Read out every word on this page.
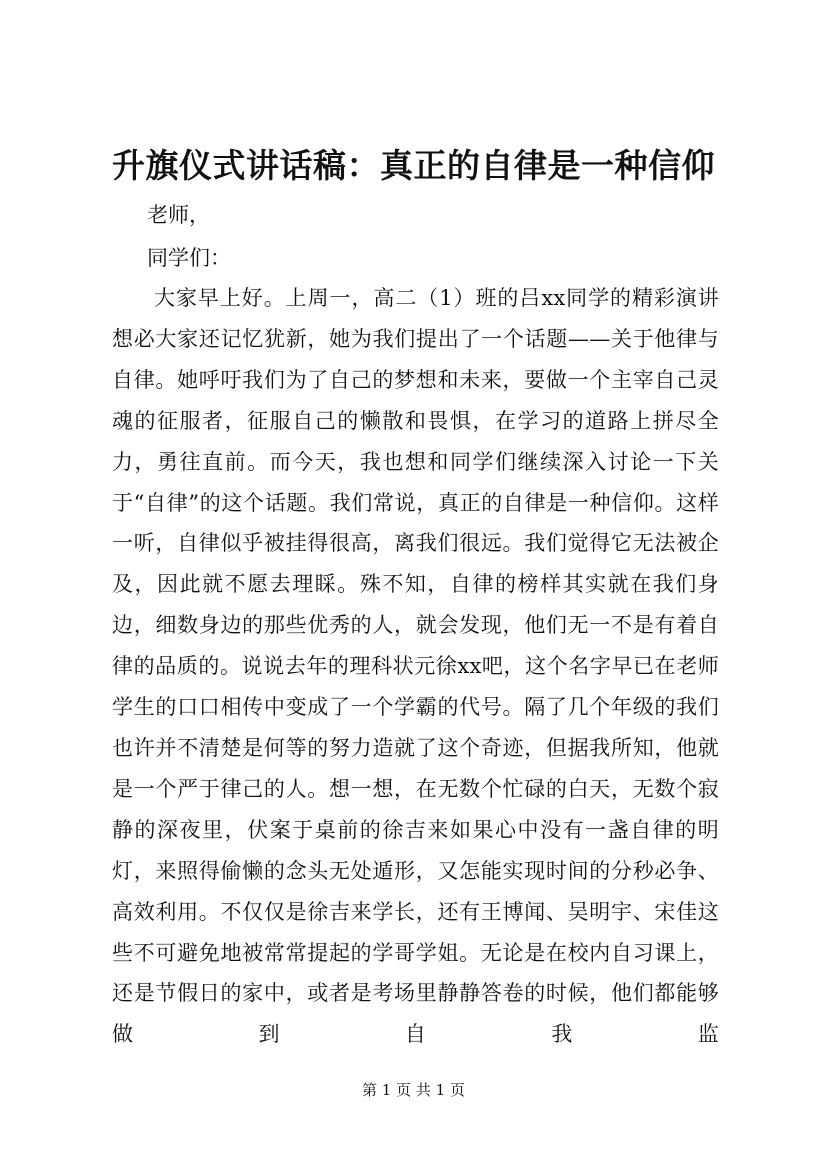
升旗仪式讲话稿：真正的自律是一种信仰
老师，
同学们：

大家早上好。上周一，高二（1）班的吕xx同学的精彩演讲想必大家还记忆犹新，她为我们提出了一个话题——关于他律与自律。她呼吁我们为了自己的梦想和未来，要做一个主宰自己灵魂的征服者，征服自己的懒散和畏惧，在学习的道路上拼尽全力，勇往直前。而今天，我也想和同学们继续深入讨论一下关于“自律”的这个话题。我们常说，真正的自律是一种信仰。这样一听，自律似乎被挂得很高，离我们很远。我们觉得它无法被企及，因此就不愿去理睬。殊不知，自律的榜样其实就在我们身边，细数身边的那些优秀的人，就会发现，他们无一不是有着自律的品质的。说说去年的理科状元徐xx吧，这个名字早已在老师学生的口口相传中变成了一个学霸的代号。隔了几个年级的我们也许并不清楚是何等的努力造就了这个奇迹，但据我所知，他就是一个严于律己的人。想一想，在无数个忙碌的白天，无数个寂静的深夜里，伏案于桌前的徐吉来如果心中没有一盏自律的明灯，来照得偷懒的念头无处遁形，又怎能实现时间的分秒必争、高效利用。不仅仅是徐吉来学长，还有王博闻、吴明宇、宋佳这些不可避免地被常常提起的学哥学姐。无论是在校内自习课上，还是节假日的家中，或者是考场里静静答卷的时候，他们都能够做到自我监

第 1 页 共 1 页
